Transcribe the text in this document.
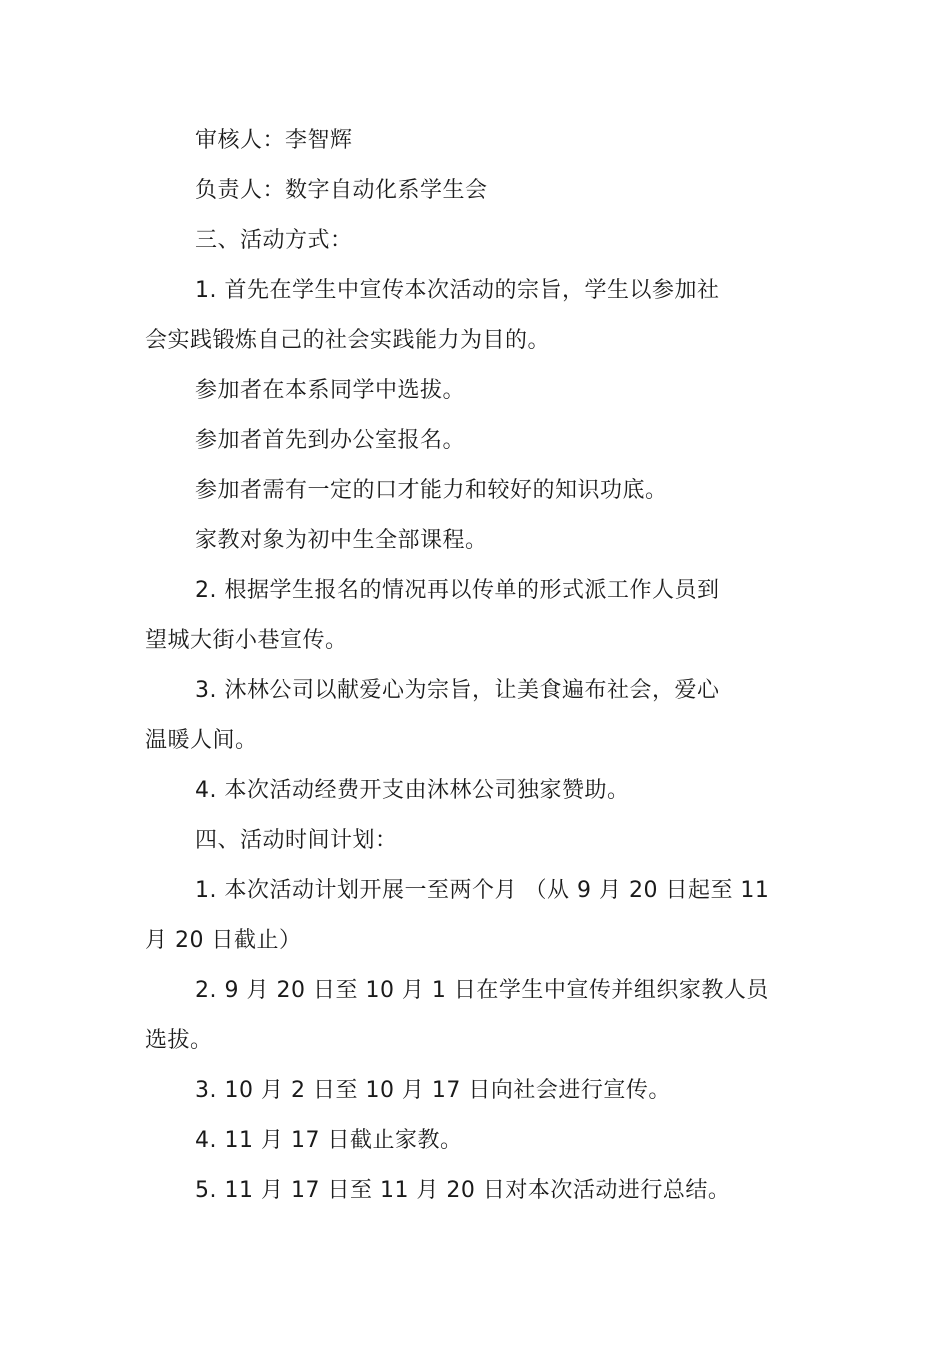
审核人：李智辉
负责人：数字自动化系学生会
三、活动方式：
1. 首先在学生中宣传本次活动的宗旨，学生以参加社
会实践锻炼自己的社会实践能力为目的。
参加者在本系同学中选拔。
参加者首先到办公室报名。
参加者需有一定的口才能力和较好的知识功底。
家教对象为初中生全部课程。
2. 根据学生报名的情况再以传单的形式派工作人员到
望城大街小巷宣传。
3. 沐林公司以献爱心为宗旨，让美食遍布社会，爱心
温暖人间。
4. 本次活动经费开支由沐林公司独家赞助。
四、活动时间计划：
1. 本次活动计划开展一至两个月 （从 9 月 20 日起至 11
月 20 日截止）
2. 9 月 20 日至 10 月 1 日在学生中宣传并组织家教人员
选拔。
3. 10 月 2 日至 10 月 17 日向社会进行宣传。
4. 11 月 17 日截止家教。
5. 11 月 17 日至 11 月 20 日对本次活动进行总结。
